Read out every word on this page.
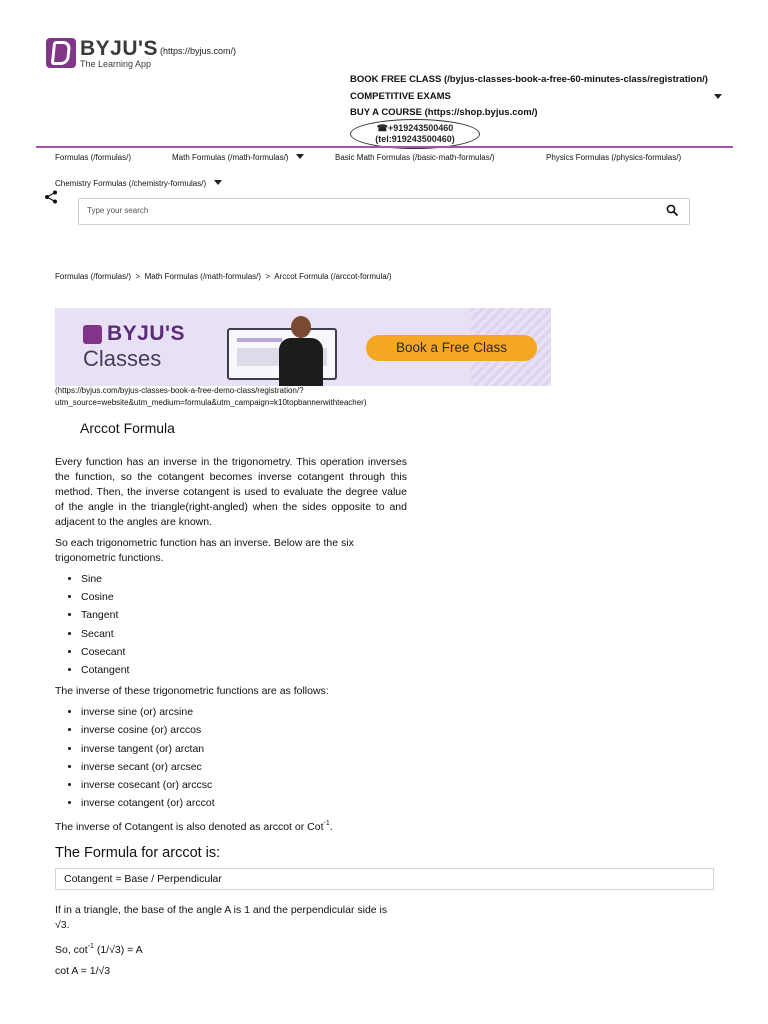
BYJU'S
The Learning App
(https://byjus.com/)
BOOK FREE CLASS (/byjus-classes-book-a-free-60-minutes-class/registration/)
COMPETITIVE EXAMS
BUY A COURSE (https://shop.byjus.com/)
☎+919243500460
(tel:919243500460)
Formulas (/formulas/)	Math Formulas (/math-formulas/)	Basic Math Formulas (/basic-math-formulas/)	Physics Formulas (/physics-formulas/)
Chemistry Formulas (/chemistry-formulas/)
Type your search
Formulas (/formulas/) > Math Formulas (/math-formulas/) > Arccot Formula (/arccot-formula/)
BYJU'S
Classes	Book a Free Class
(https://byjus.com/byjus-classes-book-a-free-demo-class/registration/?utm_source=website&utm_medium=formula&utm_campaign=k10topbannerwithteacher)
Arccot Formula

Every function has an inverse in the trigonometry. This operation inverses the function, so the cotangent becomes inverse cotangent through this method. Then, the inverse cotangent is used to evaluate the degree value of the angle in the triangle(right-angled) when the sides opposite to and adjacent to the angles are known.

So each trigonometric function has an inverse. Below are the six trigonometric functions.

• Sine
• Cosine
• Tangent
• Secant
• Cosecant
• Cotangent

The inverse of these trigonometric functions are as follows:

• inverse sine (or) arcsine
• inverse cosine (or) arccos
• inverse tangent (or) arctan
• inverse secant (or) arcsec
• inverse cosecant (or) arccsc
• inverse cotangent (or) arccot

The inverse of Cotangent is also denoted as arccot or Cot$^{-1}$.

The Formula for arccot is:
Cotangent = Base / Perpendicular

If in a triangle, the base of the angle A is 1 and the perpendicular side is √3.

So, $\cot^{-1} (1/√3) = A$

cot A = 1/√3
